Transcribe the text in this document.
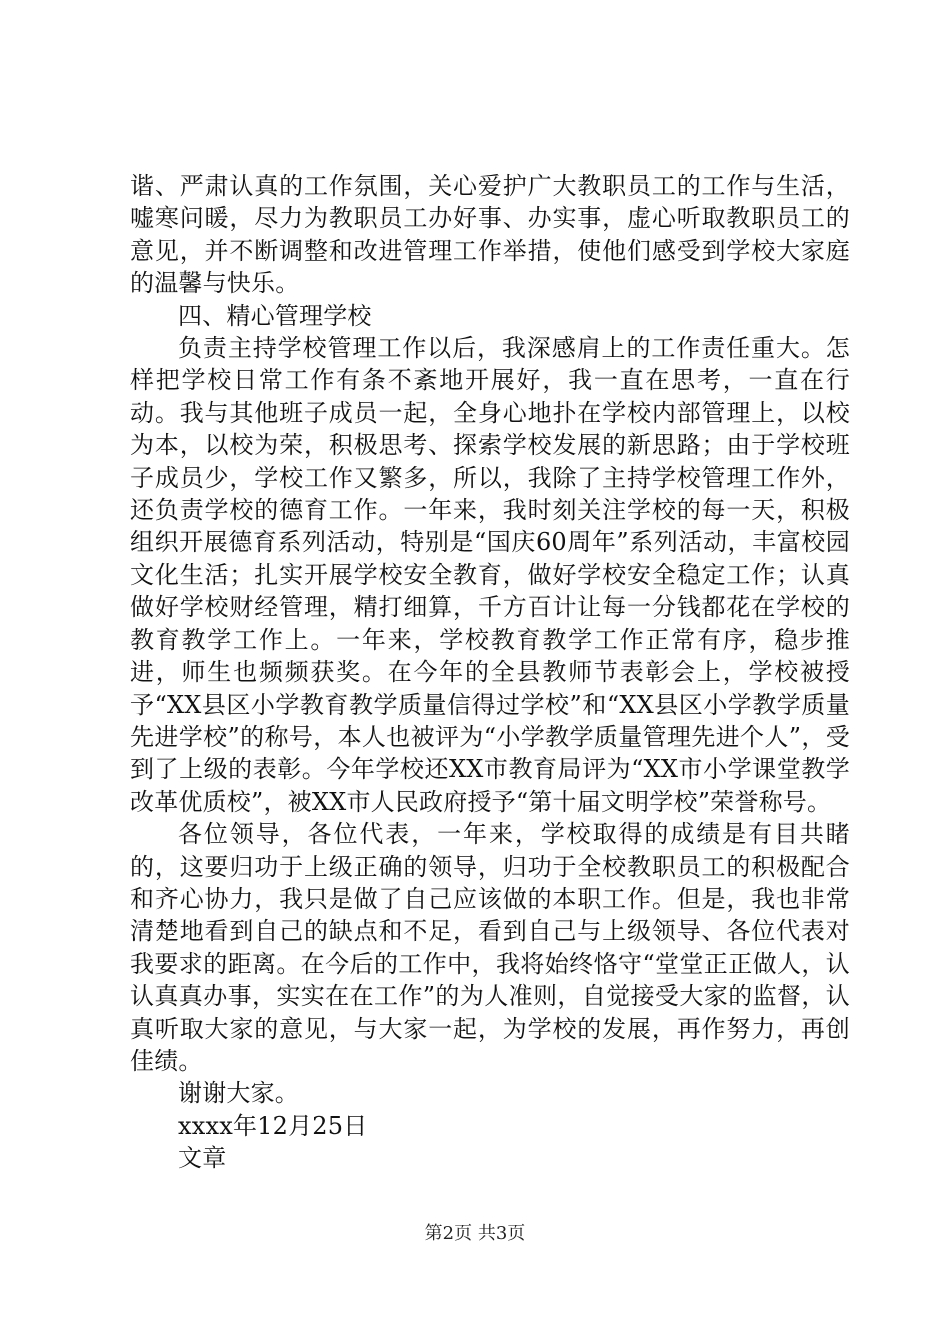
谐、严肃认真的工作氛围，关心爱护广大教职员工的工作与生活，嘘寒问暖，尽力为教职员工办好事、办实事，虚心听取教职员工的意见，并不断调整和改进管理工作举措，使他们感受到学校大家庭的温馨与快乐。

四、精心管理学校

负责主持学校管理工作以后，我深感肩上的工作责任重大。怎样把学校日常工作有条不紊地开展好，我一直在思考，一直在行动。我与其他班子成员一起，全身心地扑在学校内部管理上，以校为本，以校为荣，积极思考、探索学校发展的新思路；由于学校班子成员少，学校工作又繁多，所以，我除了主持学校管理工作外，还负责学校的德育工作。一年来，我时刻关注学校的每一天，积极组织开展德育系列活动，特别是“国庆60周年”系列活动，丰富校园文化生活；扎实开展学校安全教育，做好学校安全稳定工作；认真做好学校财经管理，精打细算，千方百计让每一分钱都花在学校的教育教学工作上。一年来，学校教育教学工作正常有序，稳步推进，师生也频频获奖。在今年的全县教师节表彰会上，学校被授予“XX县区小学教育教学质量信得过学校”和“XX县区小学教学质量先进学校”的称号，本人也被评为“小学教学质量管理先进个人”，受到了上级的表彰。今年学校还XX市教育局评为“XX市小学课堂教学改革优质校”，被XX市人民政府授予“第十届文明学校”荣誉称号。

各位领导，各位代表，一年来，学校取得的成绩是有目共睹的，这要归功于上级正确的领导，归功于全校教职员工的积极配合和齐心协力，我只是做了自己应该做的本职工作。但是，我也非常清楚地看到自己的缺点和不足，看到自己与上级领导、各位代表对我要求的距离。在今后的工作中，我将始终恪守“堂堂正正做人，认认真真办事，实实在在工作”的为人准则，自觉接受大家的监督，认真听取大家的意见，与大家一起，为学校的发展，再作努力，再创佳绩。

谢谢大家。

xxxx年12月25日

文章

第2页 共3页
